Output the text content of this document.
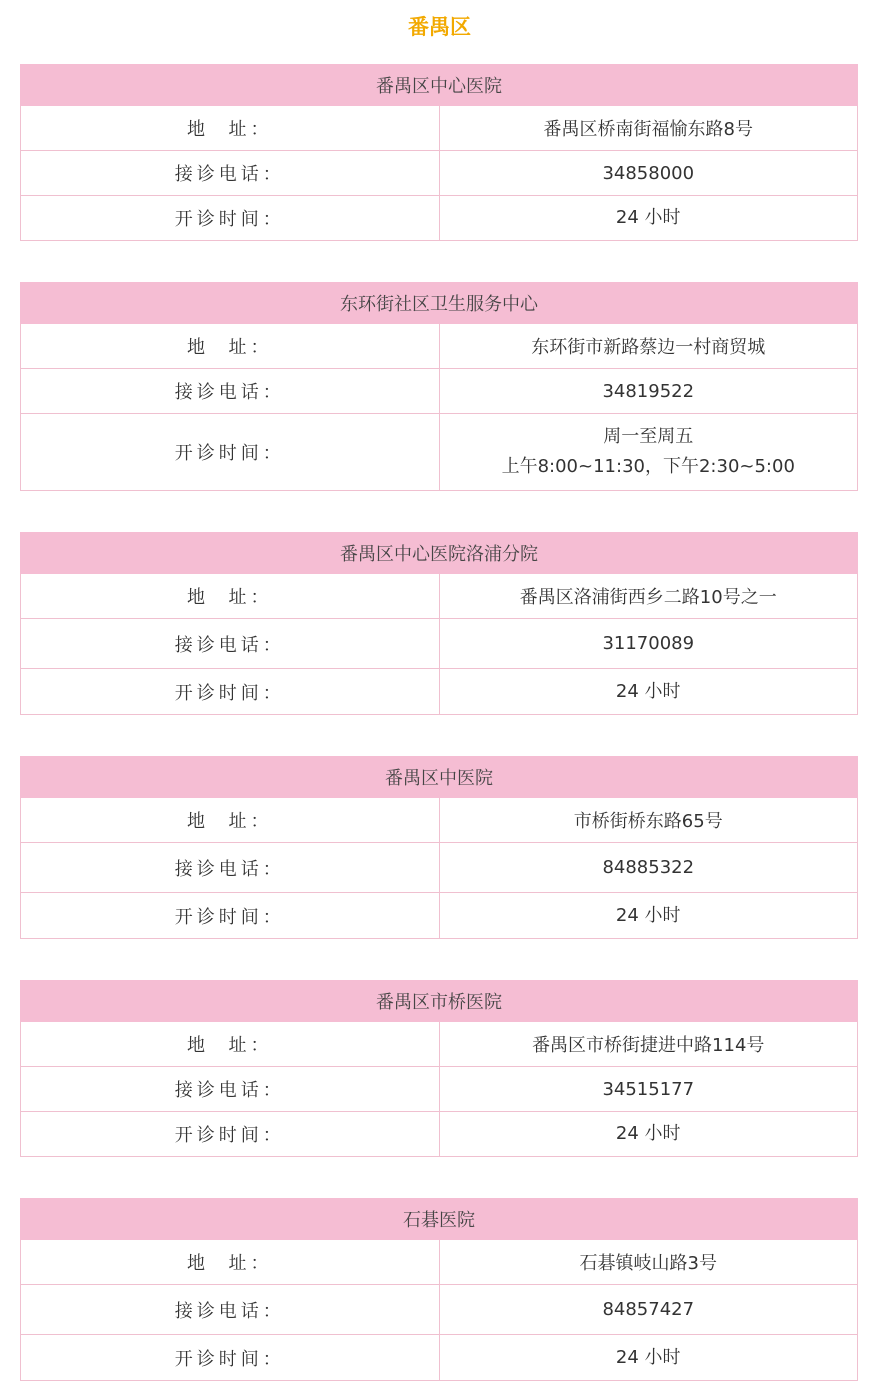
番禺区
番禺区中心医院	
地  址：	番禺区桥南街福愉东路8号
接诊电话：	34858000
开诊时间：	24 小时
东环街社区卫生服务中心	
地  址：	东环街市新路蔡边一村商贸城
接诊电话：	34819522
开诊时间：	周一至周五
上午8:00~11:30，下午2:30~5:00
番禺区中心医院洛浦分院	
地  址：	番禺区洛浦街西乡二路10号之一
接诊电话：	31170089
开诊时间：	24 小时
番禺区中医院	
地  址：	市桥街桥东路65号
接诊电话：	84885322
开诊时间：	24 小时
番禺区市桥医院	
地  址：	番禺区市桥街捷进中路114号
接诊电话：	34515177
开诊时间：	24 小时
石碁医院	
地  址：	石碁镇岐山路3号
接诊电话：	84857427
开诊时间：	24 小时
